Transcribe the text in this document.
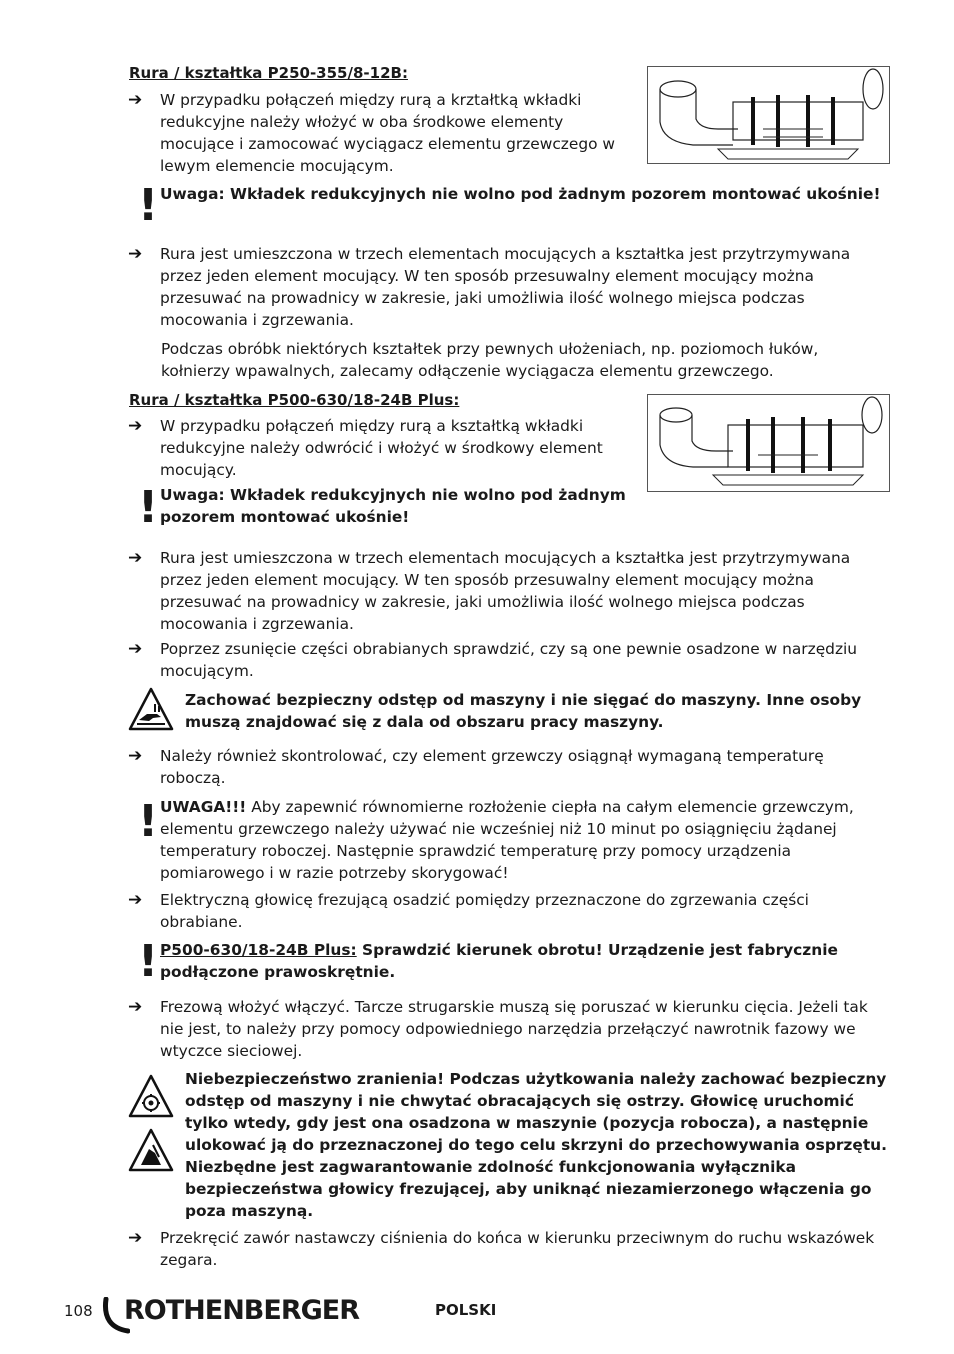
Rura / kształtka P250-355/8-12B:
➔ W przypadku połączeń między rurą a krztałtką wkładki redukcyjne należy włożyć w oba środkowe elementy mocujące i zamocować wyciągacz elementu grzewczego w lewym elemencie mocującym.
! Uwaga: Wkładek redukcyjnych nie wolno pod żadnym pozorem montować ukośnie!
➔ Rura jest umieszczona w trzech elementach mocujących a kształtka jest przytrzymywana przez jeden element mocujący. W ten sposób przesuwalny element mocujący można przesuwać na prowadnicy w zakresie, jaki umożliwia ilość wolnego miejsca podczas mocowania i zgrzewania.
Podczas obróbk niektórych kształtek przy pewnych ułożeniach, np. poziomoch łuków, kołnierzy wpawalnych, zalecamy odłączenie wyciągacza elementu grzewczego.
Rura / kształtka P500-630/18-24B Plus:
➔ W przypadku połączeń między rurą a kształtką wkładki redukcyjne należy odwrócić i włożyć w środkowy element mocujący.
! Uwaga: Wkładek redukcyjnych nie wolno pod żadnym pozorem montować ukośnie!
➔ Rura jest umieszczona w trzech elementach mocujących a kształtka jest przytrzymywana przez jeden element mocujący. W ten sposób przesuwalny element mocujący można przesuwać na prowadnicy w zakresie, jaki umożliwia ilość wolnego miejsca podczas mocowania i zgrzewania.
➔ Poprzez zsunięcie części obrabianych sprawdzić, czy są one pewnie osadzone w narzędziu mocującym.
Zachować bezpieczny odstęp od maszyny i nie sięgać do maszyny. Inne osoby muszą znajdować się z dala od obszaru pracy maszyny.
➔ Należy również skontrolować, czy element grzewczy osiągnął wymaganą temperaturę roboczą.
! UWAGA!!! Aby zapewnić równomierne rozłożenie ciepła na całym elemencie grzewczym, elementu grzewczego należy używać nie wcześniej niż 10 minut po osiągnięciu żądanej temperatury roboczej. Następnie sprawdzić temperaturę przy pomocy urządzenia pomiarowego i w razie potrzeby skorygować!
➔ Elektryczną głowicę frezującą osadzić pomiędzy przeznaczone do zgrzewania części obrabiane.
! P500-630/18-24B Plus: Sprawdzić kierunek obrotu! Urządzenie jest fabrycznie podłączone prawoskrętnie.
➔ Frezową włożyć włączyć. Tarcze strugarskie muszą się poruszać w kierunku cięcia. Jeżeli tak nie jest, to należy przy pomocy odpowiedniego narzędzia przełączyć nawrotnik fazowy we wtyczce sieciowej.
Niebezpieczeństwo zranienia! Podczas użytkowania należy zachować bezpieczny odstęp od maszyny i nie chwytać obracających się ostrzy. Głowicę uruchomić tylko wtedy, gdy jest ona osadzona w maszynie (pozycja robocza), a następnie ulokować ją do przeznaczonej do tego celu skrzyni do przechowywania osprzętu. Niezbędne jest zagwarantowanie zdolność funkcjonowania wyłącznika bezpieczeństwa głowicy frezującej, aby uniknąć niezamierzonego włączenia go poza maszyną.
➔ Przekręcić zawór nastawczy ciśnienia do końca w kierunku przeciwnym do ruchu wskazówek zegara.
108 ROTHENBERGER	POLSKI
